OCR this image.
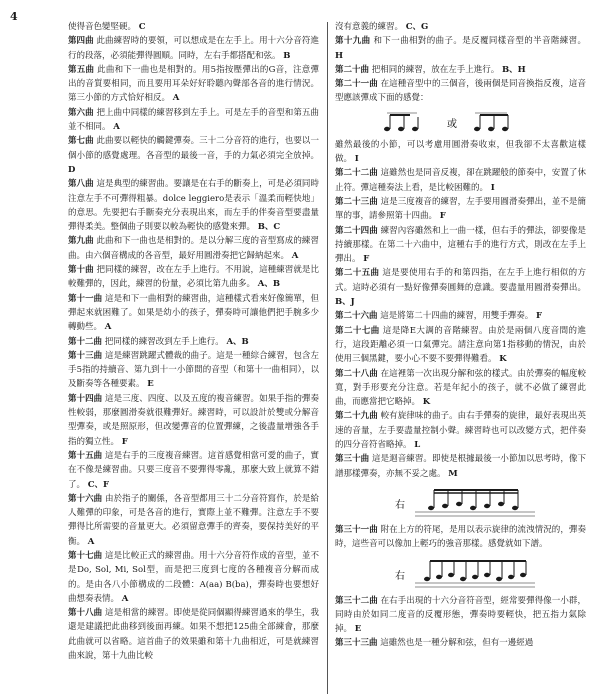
4

使得音色變堅硬。 C

第四曲 此曲練習時的要領，可以想成是在左手上。用十六分音符進行的段落，必須能彈得圓順。同時，左右手都搭配和弦。 B

第五曲 此曲和下一曲也是相對的。用5指按壓彈出的G音，注意彈出的音質要相同，而且要用耳朵好好聆聽內聲部各音的進行情況。第三小節的方式恰好相反。 A

第六曲 把上曲中同樣的練習移到左手上。可是左手的音型和第五曲並不相同。 A

第七曲 此曲要以輕快的觸鍵彈奏。三十二分音符的進行，也要以一個小節的感覺處理。各音型的最後一音，手的力氣必須完全放掉。 D

第八曲 這是典型的練習曲。要讓是在右手的斷奏上，可是必須同時注意左手不可彈得粗暴。dolce leggiero是表示「溫柔而輕快地」的意思。先要把右手斷奏充分表現出來，而左手的伴奏音型要盡量彈得柔美。整個曲子則要以較為輕快的感覺來彈。 B、C

第九曲 此曲和下一曲也是相對的。是以分解三度的音型寫成的練習曲。由六個音構成的各音型，最好用圓滑奏把它歸納起來。 A

第十曲 把同樣的練習，改在左手上進行。不用說，這種練習就是比較難彈的，因此，練習的份量，必須比第九曲多。 A、B

第十一曲 這是和下一曲相對的練習曲，這種樣式看來好像簡單，但彈起來就困難了。如果是幼小的孩子，彈奏時可讓他們把手腕多少轉動些。 A

第十二曲 把同樣的練習改到左手上進行。 A、B

第十三曲 這是練習跳躍式體裁的曲子。這是一種綜合練習，包含左手5指的持續音、第九到十一小節間的音型（和第十一曲相同），以及斷奏等各種要素。 E

第十四曲 這是三度、四度、以及五度的複音練習。如果手指的彈奏性較弱，那麼圓滑奏就很難彈好。練習時，可以設計於雙或分解音型彈奏，或是照原形，但改變彈音的位置彈練，之後盡量增強各手指的獨立性。 F

第十五曲 這是右手的三度複音練習。這首感覺相當可愛的曲子，實在不像是練習曲。只要三度音不要彈得零亂，那麼大致上就算不錯了。 C、F

第十六曲 由於指子的關係，各音型都用三十二分音符寫作，於是給人難彈的印象，可是各音的進行，實際上並不難彈。注意左手不要彈得比所需要的音量更大。必須留意彈手的齊奏，要保持美好的平衡。 A

第十七曲 這是比較正式的練習曲。用十六分音符作成的音型，並不是Do, Sol, Mi, Sol型，而是把三度到七度的各種複音分解而成的。是由各八小節構成的二段體：A(aa) B(ba)，彈奏時也要想好曲想奏表情。 A

第十八曲 這是相當的練習。即使是從同個顯得練習過來的學生，我還是建議把此曲移到後面再練。如果不想把125曲全部練會，那麼此曲就可以省略。這首曲子的效果雖和第十九曲相近，可是就練習曲來說，第十九曲比較

沒有意義的練習。 C、G

第十九曲 和下一曲相對的曲子。是反覆同樣音型的半音階練習。 H

第二十曲 把相同的練習，放在左手上進行。 B、H

第二十一曲 在這種音型中的三個音，後兩個是同音換指反複，這音型應該彈成下面的感覺：

或

雖然最後的小節，可以考慮用圓滑奏收束，但我卻不太喜歡這樣做。 I

第二十二曲 這雖然也是同音反複，卻在跳躍般的節奏中，安置了休止符。彈這種奏法上看，是比較困難的。 I

第二十三曲 這是三度複音的練習，左手要用圓滑奏彈出，並不是簡單的事，請參照第十四曲。 F

第二十四曲 練習內容雖然和上一曲一樣，但右手的彈法，卻要像是持續那樣。在第二十六曲中，這種右手的進行方式，則改在左手上彈出。 F

第二十五曲 這是要使用右手的和第四指，在左手上進行相似的方式。這時必須有一點好像彈奏圓舞的意識。要盡量用圓滑奏彈出。 B、J

第二十六曲 這是將第二十四曲的練習，用雙手彈奏。 F

第二十七曲 這是降E大調的音階練習。由於是兩個八度音間的進行，這段距離必須一口氣彈完。請注意向第1指移動的情況，由於使用三個黑鍵，要小心不要不要彈得難看。 K

第二十八曲 在這裡第一次出現分解和弦的樣式。由於彈奏的幅度較寬，對手形要充分注意。若是年紀小的孩子，就不必做了練習此曲，而應當把它略掉。 K

第二十九曲 較有旋律味的曲子。由右手彈奏的旋律，最好表現出英速的音量，左手要盡量控制小聲。練習時也可以改變方式，把伴奏的四分音符省略掉。 L

第三十曲 這是迴音練習。即使是根據最後一小節加以思考時，像下譜那樣彈奏，亦無不妥之處。 M

右

第三十一曲 附在上方的符尾，是用以表示旋律的流洩情況的，彈奏時，這些音可以像加上輕巧的強音那樣。感覺就如下譜。

右

第三十二曲 在右手出現的十六分音符音型，經常要彈得像一小群，同時由於如同二度音的反覆形態，彈奏時要輕快，把五指力氣除掉。 E

第三十三曲 這雖然也是一種分解和弦，但有一邊經過
